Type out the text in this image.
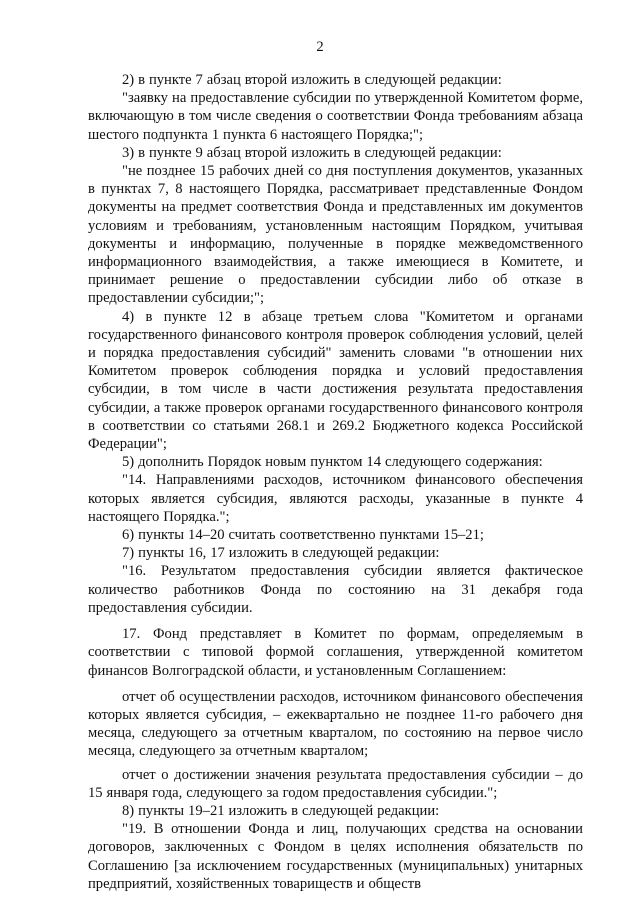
2

2) в пункте 7 абзац второй изложить в следующей редакции:

"заявку на предоставление субсидии по утвержденной Комитетом форме, включающую в том числе сведения о соответствии Фонда требованиям абзаца шестого подпункта 1 пункта 6 настоящего Порядка;";

3) в пункте 9 абзац второй изложить в следующей редакции:

"не позднее 15 рабочих дней со дня поступления документов, указанных в пунктах 7, 8 настоящего Порядка, рассматривает представленные Фондом документы на предмет соответствия Фонда и представленных им документов условиям и требованиям, установленным настоящим Порядком, учитывая документы и информацию, полученные в порядке межведомственного информационного взаимодействия, а также имеющиеся в Комитете, и принимает решение о предоставлении субсидии либо об отказе в предоставлении субсидии;";

4) в пункте 12 в абзаце третьем слова "Комитетом и органами государственного финансового контроля проверок соблюдения условий, целей и порядка предоставления субсидий" заменить словами "в отношении них Комитетом проверок соблюдения порядка и условий предоставления субсидии, в том числе в части достижения результата предоставления субсидии, а также проверок органами государственного финансового контроля в соответствии со статьями 268.1 и 269.2 Бюджетного кодекса Российской Федерации";

5) дополнить Порядок новым пунктом 14 следующего содержания:

"14. Направлениями расходов, источником финансового обеспечения которых является субсидия, являются расходы, указанные в пункте 4 настоящего Порядка.";

6) пункты 14–20 считать соответственно пунктами 15–21;

7) пункты 16, 17 изложить в следующей редакции:

"16. Результатом предоставления субсидии является фактическое количество работников Фонда по состоянию на 31 декабря года предоставления субсидии.

17. Фонд представляет в Комитет по формам, определяемым в соответствии с типовой формой соглашения, утвержденной комитетом финансов Волгоградской области, и установленным Соглашением:

отчет об осуществлении расходов, источником финансового обеспечения которых является субсидия, – ежеквартально не позднее 11-го рабочего дня месяца, следующего за отчетным кварталом, по состоянию на первое число месяца, следующего за отчетным кварталом;

отчет о достижении значения результата предоставления субсидии – до 15 января года, следующего за годом предоставления субсидии.";

8) пункты 19–21 изложить в следующей редакции:

"19. В отношении Фонда и лиц, получающих средства на основании договоров, заключенных с Фондом в целях исполнения обязательств по Соглашению [за исключением государственных (муниципальных) унитарных предприятий, хозяйственных товариществ и обществ
